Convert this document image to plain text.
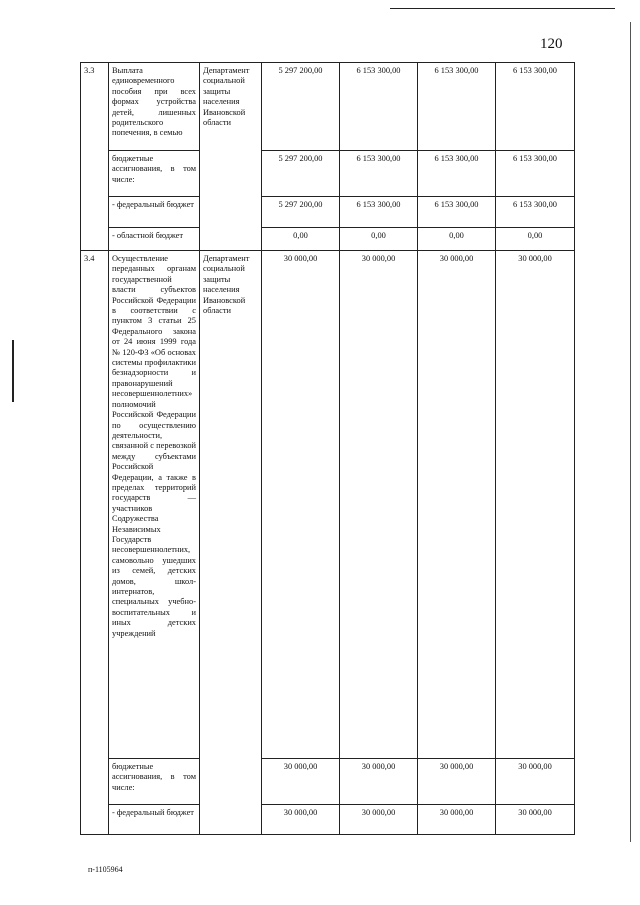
120
3.3	Выплата единовременного пособия при всех формах устройства детей, лишенных родительского попечения, в семью	Департамент социальной защиты населения Ивановской области	5 297 200,00	6 153 300,00	6 153 300,00	6 153 300,00
	бюджетные ассигнования, в том числе:		5 297 200,00	6 153 300,00	6 153 300,00	6 153 300,00
	- федеральный бюджет		5 297 200,00	6 153 300,00	6 153 300,00	6 153 300,00
	- областной бюджет		0,00	0,00	0,00	0,00
3.4	Осуществление переданных органам государственной власти субъектов Российской Федерации в соответствии с пунктом 3 статьи 25 Федерального закона от 24 июня 1999 года № 120-ФЗ «Об основах системы профилактики безнадзорности и правонарушений несовершеннолетних» полномочий Российской Федерации по осуществлению деятельности, связанной с перевозкой между субъектами Российской Федерации, а также в пределах территорий государств — участников Содружества Независимых Государств несовершеннолетних, самовольно ушедших из семей, детских домов, школ-интернатов, специальных учебно-воспитательных и иных детских учреждений	Департамент социальной защиты населения Ивановской области	30 000,00	30 000,00	30 000,00	30 000,00
	бюджетные ассигнования, в том числе:		30 000,00	30 000,00	30 000,00	30 000,00
	- федеральный бюджет		30 000,00	30 000,00	30 000,00	30 000,00
п-1105964
